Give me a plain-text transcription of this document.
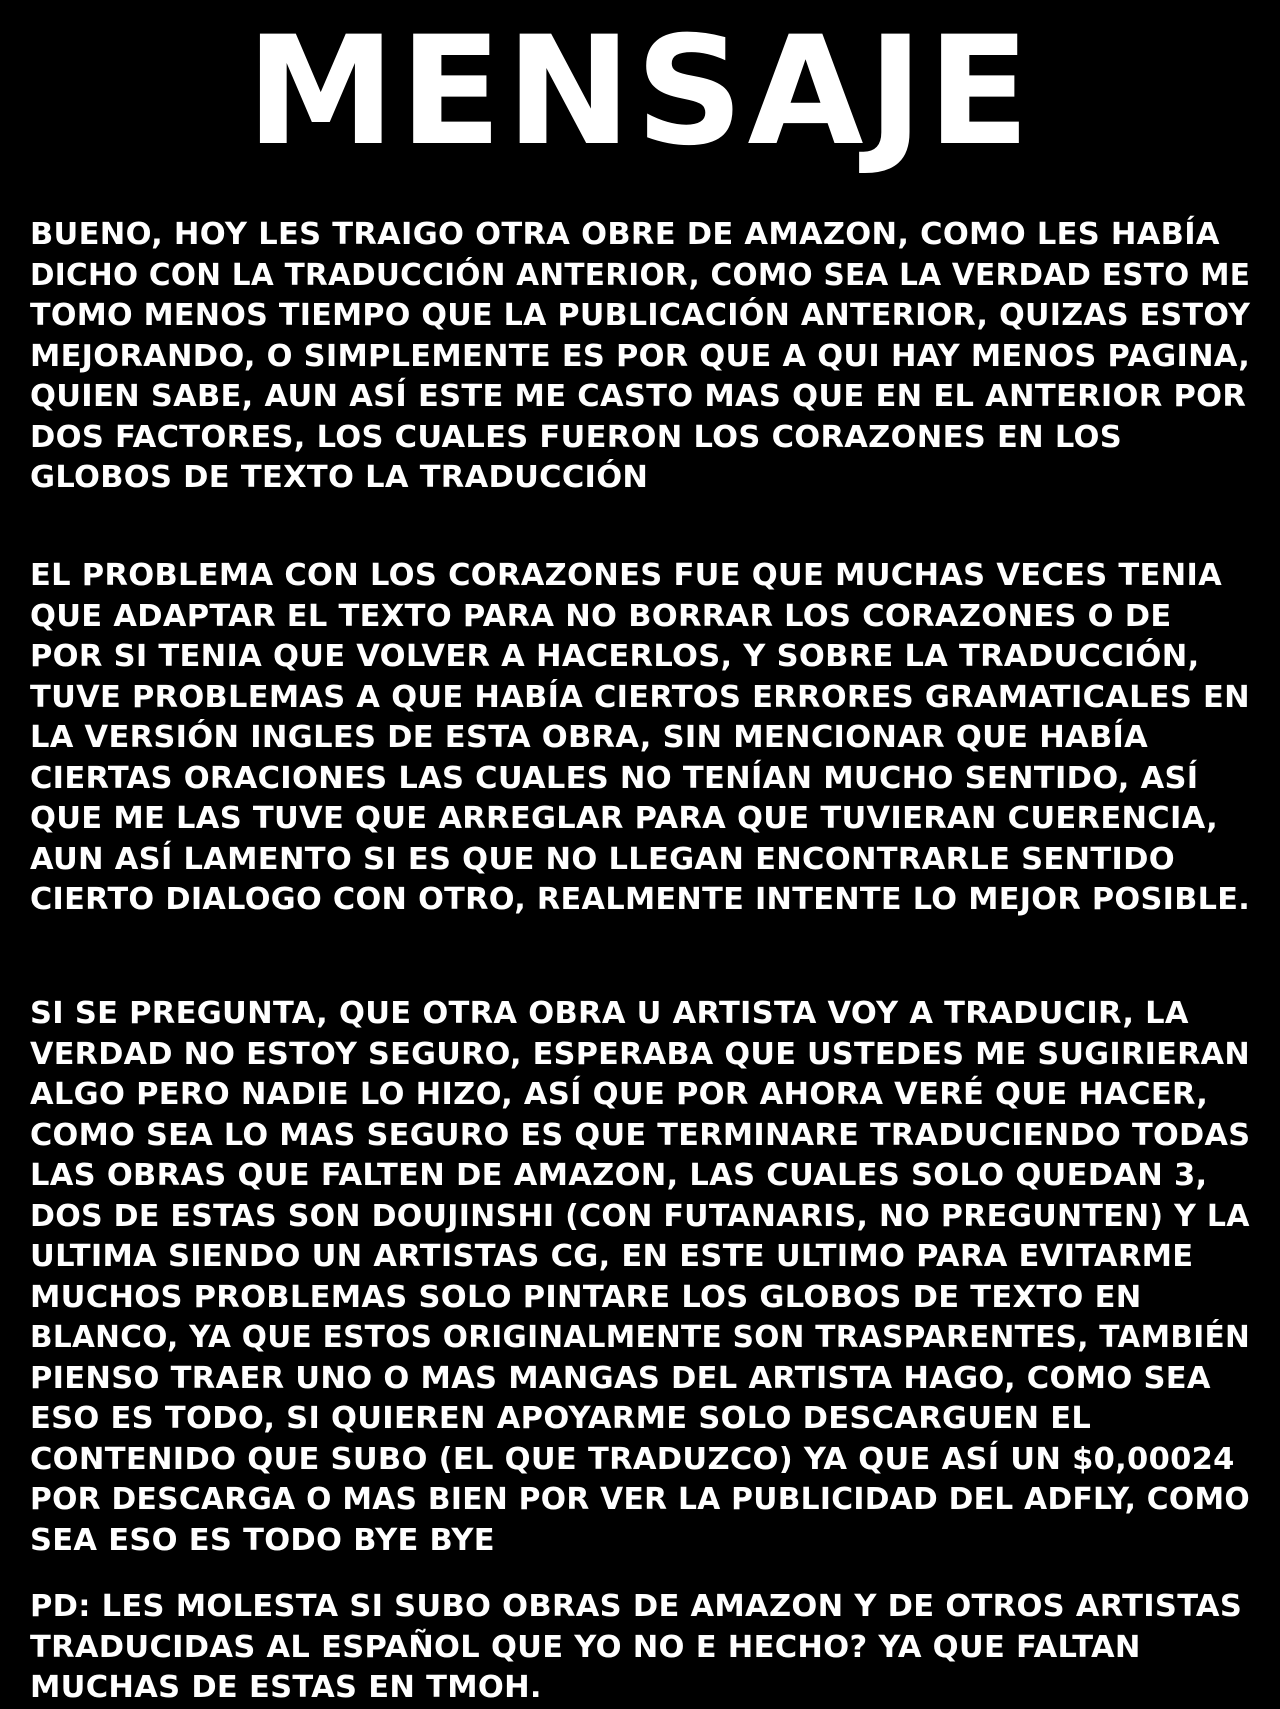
MENSAJE

BUENO, HOY LES TRAIGO OTRA OBRE DE AMAZON, COMO LES HABÍA
DICHO CON LA TRADUCCIÓN ANTERIOR, COMO SEA LA VERDAD ESTO ME
TOMO MENOS TIEMPO QUE LA PUBLICACIÓN ANTERIOR, QUIZAS ESTOY
MEJORANDO, O SIMPLEMENTE ES POR QUE A QUI HAY MENOS PAGINA,
QUIEN SABE, AUN ASÍ ESTE ME CASTO MAS QUE EN EL ANTERIOR POR
DOS FACTORES, LOS CUALES FUERON LOS CORAZONES EN LOS
GLOBOS DE TEXTO LA TRADUCCIÓN

EL PROBLEMA CON LOS CORAZONES FUE QUE MUCHAS VECES TENIA
QUE ADAPTAR EL TEXTO PARA NO BORRAR LOS CORAZONES O DE
POR SI TENIA QUE VOLVER A HACERLOS, Y SOBRE LA TRADUCCIÓN,
TUVE PROBLEMAS A QUE HABÍA CIERTOS ERRORES GRAMATICALES EN
LA VERSIÓN INGLES DE ESTA OBRA, SIN MENCIONAR QUE HABÍA
CIERTAS ORACIONES LAS CUALES NO TENÍAN MUCHO SENTIDO, ASÍ
QUE ME LAS TUVE QUE ARREGLAR PARA QUE TUVIERAN CUERENCIA,
AUN ASÍ LAMENTO SI ES QUE NO LLEGAN ENCONTRARLE SENTIDO
CIERTO DIALOGO CON OTRO, REALMENTE INTENTE LO MEJOR POSIBLE.

SI SE PREGUNTA, QUE OTRA OBRA U ARTISTA VOY A TRADUCIR, LA
VERDAD NO ESTOY SEGURO, ESPERABA QUE USTEDES ME SUGIRIERAN
ALGO PERO NADIE LO HIZO, ASÍ QUE POR AHORA VERÉ QUE HACER,
COMO SEA LO MAS SEGURO ES QUE TERMINARE TRADUCIENDO TODAS
LAS OBRAS QUE FALTEN DE AMAZON, LAS CUALES SOLO QUEDAN 3,
DOS DE ESTAS SON DOUJINSHI (CON FUTANARIS, NO PREGUNTEN) Y LA
ULTIMA SIENDO UN ARTISTAS CG, EN ESTE ULTIMO PARA EVITARME
MUCHOS PROBLEMAS SOLO PINTARE LOS GLOBOS DE TEXTO EN
BLANCO, YA QUE ESTOS ORIGINALMENTE SON TRASPARENTES, TAMBIÉN
PIENSO TRAER UNO O MAS MANGAS DEL ARTISTA HAGO, COMO SEA
ESO ES TODO, SI QUIEREN APOYARME SOLO DESCARGUEN EL
CONTENIDO QUE SUBO (EL QUE TRADUZCO) YA QUE ASÍ UN $0,00024
POR DESCARGA O MAS BIEN POR VER LA PUBLICIDAD DEL ADFLY, COMO
SEA ESO ES TODO BYE BYE

PD: LES MOLESTA SI SUBO OBRAS DE AMAZON Y DE OTROS ARTISTAS
TRADUCIDAS AL ESPAÑOL QUE YO NO E HECHO? YA QUE FALTAN
MUCHAS DE ESTAS EN TMOH.
